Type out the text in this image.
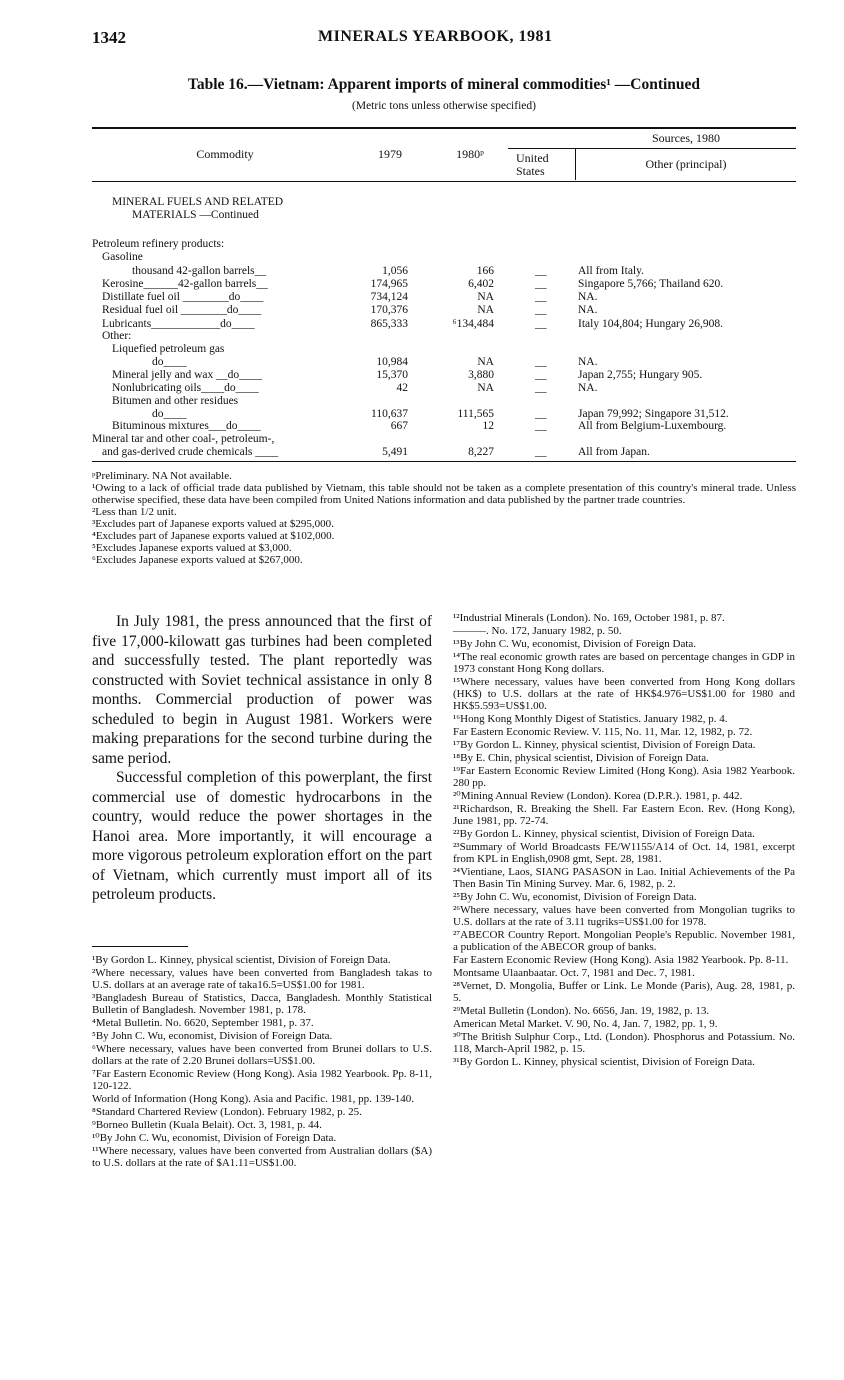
1342	MINERALS YEARBOOK, 1981
Table 16.—Vietnam: Apparent imports of mineral commodities¹ —Continued
(Metric tons unless otherwise specified)
Commodity	1979	1980ᵖ
Sources, 1980
United States	Other (principal)
MINERAL FUELS AND RELATED
MATERIALS —Continued
Petroleum refinery products:
Gasoline
thousand 42-gallon barrels__	1,056	166	__	All from Italy.
Kerosine______42-gallon barrels__	174,965	6,402	__	Singapore 5,766; Thailand 620.
Distillate fuel oil ________do____	734,124	NA	__	NA.
Residual fuel oil ________do____	170,376	NA	__	NA.
Lubricants____________do____	865,333	⁶134,484	__	Italy 104,804; Hungary 26,908.
Other:
Liquefied petroleum gas
do____	10,984	NA	__	NA.
Mineral jelly and wax __do____	15,370	3,880	__	Japan 2,755; Hungary 905.
Nonlubricating oils____do____	42	NA	__	NA.
Bitumen and other residues
do____	110,637	111,565	__	Japan 79,992; Singapore 31,512.
Bituminous mixtures___do____	667	12	__	All from Belgium-Luxembourg.
Mineral tar and other coal-, petroleum-,
and gas-derived crude chemicals ____	5,491	8,227	__	All from Japan.

ᵖPreliminary. NA Not available.

¹Owing to a lack of official trade data published by Vietnam, this table should not be taken as a complete presentation of this country's mineral trade. Unless otherwise specified, these data have been compiled from United Nations information and data published by the partner trade countries.

²Less than 1/2 unit.

³Excludes part of Japanese exports valued at $295,000.

⁴Excludes part of Japanese exports valued at $102,000.

⁵Excludes Japanese exports valued at $3,000.

⁶Excludes Japanese exports valued at $267,000.

In July 1981, the press announced that the first of five 17,000-kilowatt gas turbines had been completed and successfully tested. The plant reportedly was constructed with Soviet technical assistance in only 8 months. Commercial production of power was scheduled to begin in August 1981. Workers were making preparations for the second turbine during the same period.

Successful completion of this powerplant, the first commercial use of domestic hydrocarbons in the country, would reduce the power shortages in the Hanoi area. More importantly, it will encourage a more vigorous petroleum exploration effort on the part of Vietnam, which currently must import all of its petroleum products.

¹By Gordon L. Kinney, physical scientist, Division of Foreign Data.

²Where necessary, values have been converted from Bangladesh takas to U.S. dollars at an average rate of taka16.5=US$1.00 for 1981.

³Bangladesh Bureau of Statistics, Dacca, Bangladesh. Monthly Statistical Bulletin of Bangladesh. November 1981, p. 178.

⁴Metal Bulletin. No. 6620, September 1981, p. 37.

⁵By John C. Wu, economist, Division of Foreign Data.

⁶Where necessary, values have been converted from Brunei dollars to U.S. dollars at the rate of 2.20 Brunei dollars=US$1.00.

⁷Far Eastern Economic Review (Hong Kong). Asia 1982 Yearbook. Pp. 8-11, 120-122.

World of Information (Hong Kong). Asia and Pacific. 1981, pp. 139-140.

⁸Standard Chartered Review (London). February 1982, p. 25.

⁹Borneo Bulletin (Kuala Belait). Oct. 3, 1981, p. 44.

¹⁰By John C. Wu, economist, Division of Foreign Data.

¹¹Where necessary, values have been converted from Australian dollars ($A) to U.S. dollars at the rate of $A1.11=US$1.00.

¹²Industrial Minerals (London). No. 169, October 1981, p. 87.

———. No. 172, January 1982, p. 50.

¹³By John C. Wu, economist, Division of Foreign Data.

¹⁴The real economic growth rates are based on percentage changes in GDP in 1973 constant Hong Kong dollars.

¹⁵Where necessary, values have been converted from Hong Kong dollars (HK$) to U.S. dollars at the rate of HK$4.976=US$1.00 for 1980 and HK$5.593=US$1.00.

¹⁶Hong Kong Monthly Digest of Statistics. January 1982, p. 4.

Far Eastern Economic Review. V. 115, No. 11, Mar. 12, 1982, p. 72.

¹⁷By Gordon L. Kinney, physical scientist, Division of Foreign Data.

¹⁸By E. Chin, physical scientist, Division of Foreign Data.

¹⁹Far Eastern Economic Review Limited (Hong Kong). Asia 1982 Yearbook. 280 pp.

²⁰Mining Annual Review (London). Korea (D.P.R.). 1981, p. 442.

²¹Richardson, R. Breaking the Shell. Far Eastern Econ. Rev. (Hong Kong), June 1981, pp. 72-74.

²²By Gordon L. Kinney, physical scientist, Division of Foreign Data.

²³Summary of World Broadcasts FE/W1155/A14 of Oct. 14, 1981, excerpt from KPL in English,0908 gmt, Sept. 28, 1981.

²⁴Vientiane, Laos, SIANG PASASON in Lao. Initial Achievements of the Pa Then Basin Tin Mining Survey. Mar. 6, 1982, p. 2.

²⁵By John C. Wu, economist, Division of Foreign Data.

²⁶Where necessary, values have been converted from Mongolian tugriks to U.S. dollars at the rate of 3.11 tugriks=US$1.00 for 1978.

²⁷ABECOR Country Report. Mongolian People's Republic. November 1981, a publication of the ABECOR group of banks.

Far Eastern Economic Review (Hong Kong). Asia 1982 Yearbook. Pp. 8-11.

Montsame Ulaanbaatar. Oct. 7, 1981 and Dec. 7, 1981.

²⁸Vernet, D. Mongolia, Buffer or Link. Le Monde (Paris), Aug. 28, 1981, p. 5.

²⁹Metal Bulletin (London). No. 6656, Jan. 19, 1982, p. 13.

American Metal Market. V. 90, No. 4, Jan. 7, 1982, pp. 1, 9.

³⁰The British Sulphur Corp., Ltd. (London). Phosphorus and Potassium. No. 118, March-April 1982, p. 15.

³¹By Gordon L. Kinney, physical scientist, Division of Foreign Data.
